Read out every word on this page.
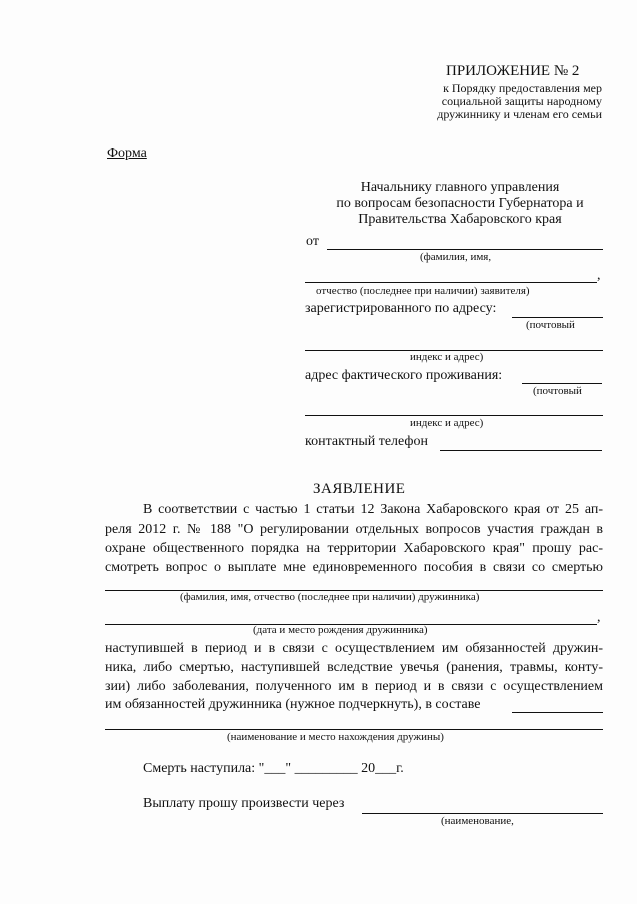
ПРИЛОЖЕНИЕ № 2
к Порядку предоставления мер
социальной защиты народному
дружиннику и членам его семьи
Форма
Начальнику главного управления
по вопросам безопасности Губернатора и
Правительства Хабаровского края
от
(фамилия, имя,
,
отчество (последнее при наличии) заявителя)
зарегистрированного по адресу:
(почтовый
индекс и адрес)
адрес фактического проживания:
(почтовый
индекс и адрес)
контактный телефон
ЗАЯВЛЕНИЕ
В соответствии с частью 1 статьи 12 Закона Хабаровского края от 25 ап-
реля 2012 г. № 188 "О регулировании отдельных вопросов участия граждан в
охране общественного порядка на территории Хабаровского края" прошу рас-
смотреть вопрос о выплате мне единовременного пособия в связи со смертью
(фамилия, имя, отчество (последнее при наличии) дружинника)
,
(дата и место рождения дружинника)
наступившей в период и в связи с осуществлением им обязанностей дружин-
ника, либо смертью, наступившей вследствие увечья (ранения, травмы, конту-
зии) либо заболевания, полученного им в период и в связи с осуществлением
им обязанностей дружинника (нужное подчеркнуть), в составе
(наименование и место нахождения дружины)
Смерть наступила: "___" _________ 20___г.
Выплату прошу произвести через
(наименование,
